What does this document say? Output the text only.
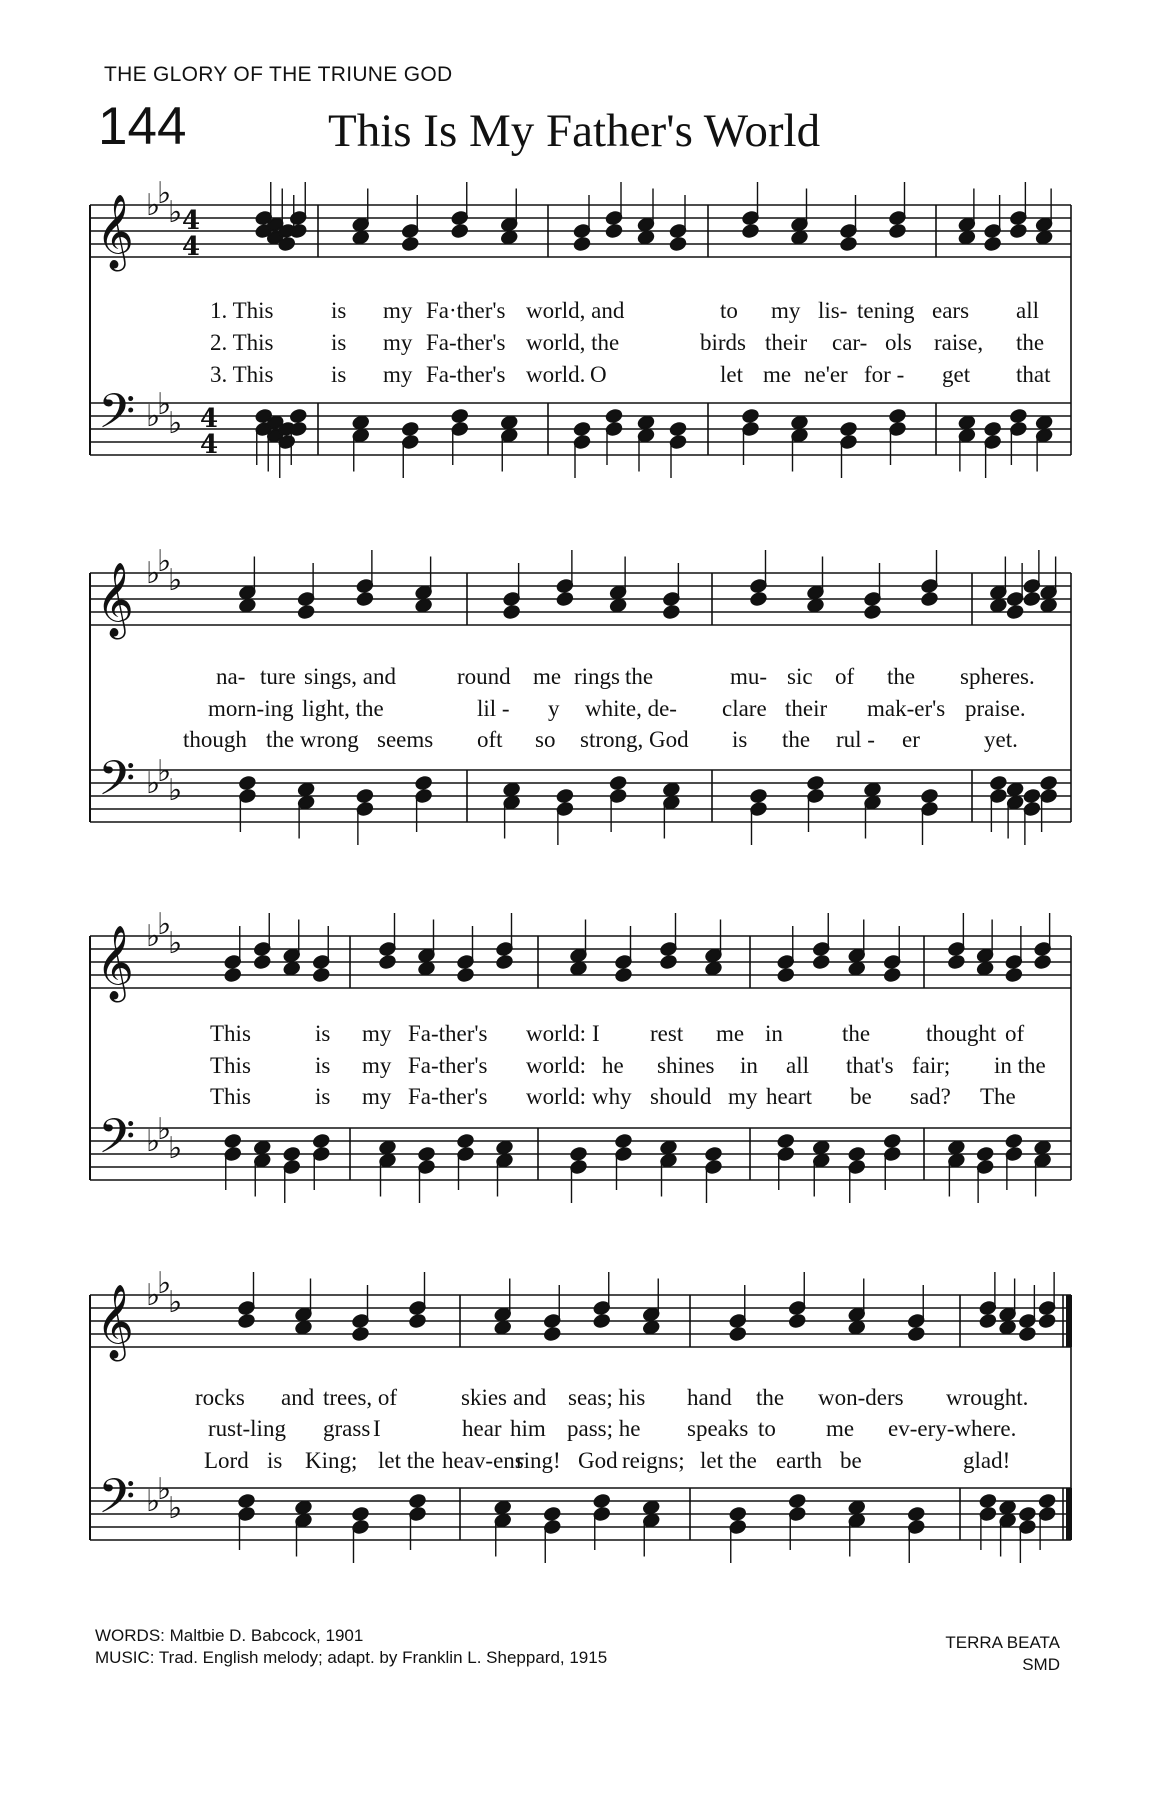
THE GLORY OF THE TRIUNE GOD
144	This Is My Father's World
𝄞
𝄢
♭
♭
♭
♭
♭
♭
4
4
4
4
𝄞
𝄢
♭
♭
♭
♭
♭
♭
𝄞
𝄢
♭
♭
♭
♭
♭
♭
𝄞
𝄢
♭
♭
♭
♭
♭
♭
1. This	is my Fa·ther's world, and	to my lis- tening ears all
2. This	is my Fa-ther's world, the	birds their car- ols raise, the
3. This	is my Fa-ther's world. O	let me ne'er for - get that
na- ture sings, and	round me rings the	mu- sic of the spheres.
morn-ing light, the	lil - y white, de- clare their mak-er's praise.
though the wrong seems oft so strong, God is the rul - er	yet.
This	is my Fa-ther's world: I rest me in	the thought of
This	is my Fa-ther's world: he shines in all that's fair; in the
This	is my Fa-ther's world: why should my heart be sad? The
rocks and trees, of	skies and seas; his hand the won-ders wrought.
rust-ling grass I	hear him pass; he speaks to me ev-ery-where.
Lord is King; let the heav-ens
ring! God reigns; let the earth be	glad!
WORDS: Maltbie D. Babcock, 1901
MUSIC: Trad. English melody; adapt. by Franklin L. Sheppard, 1915
TERRA BEATA
SMD
